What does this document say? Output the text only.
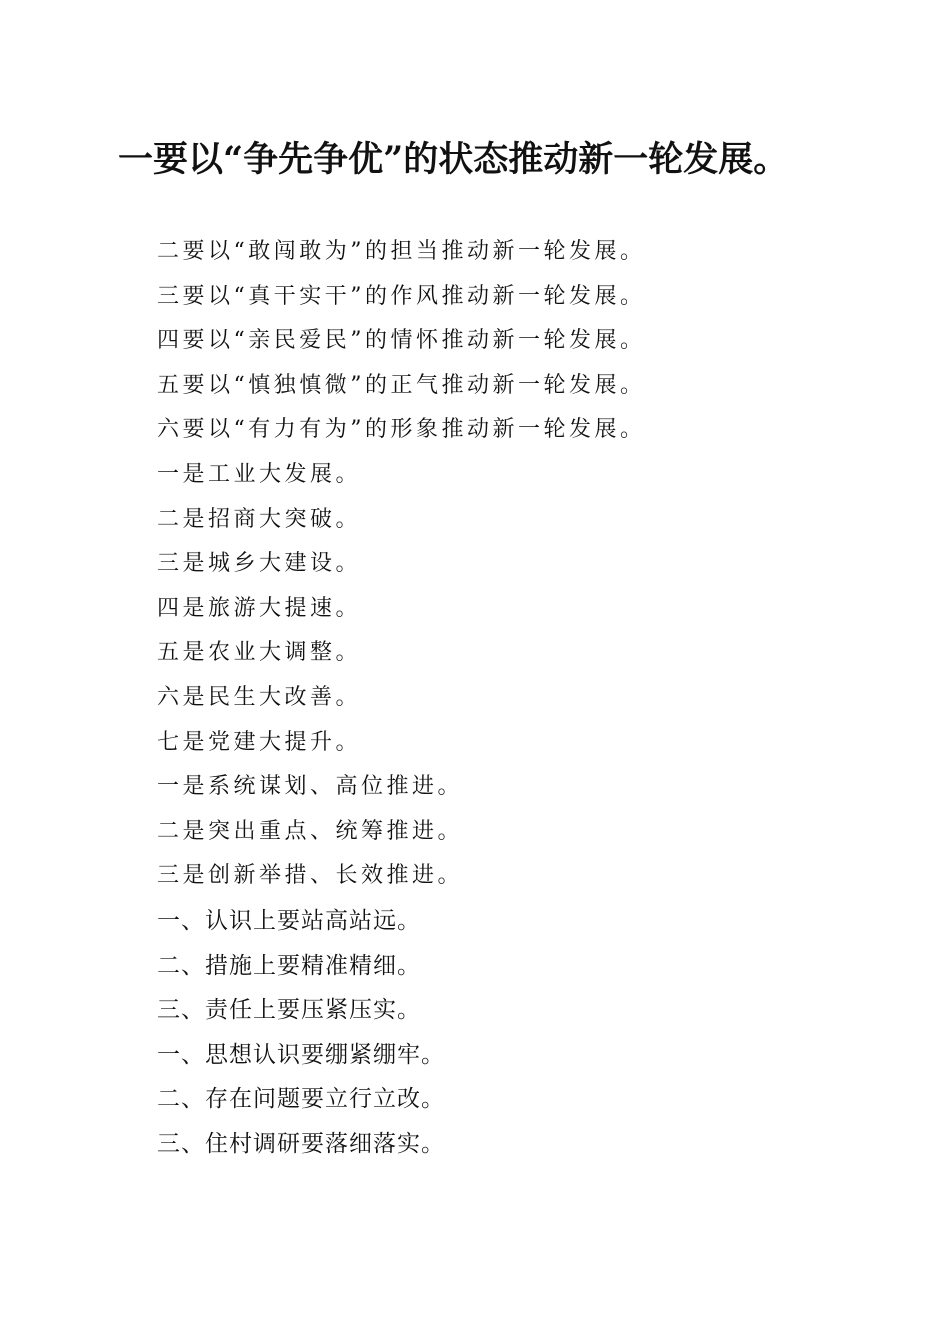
一要以“争先争优”的状态推动新一轮发展。
二要以“敢闯敢为”的担当推动新一轮发展。
三要以“真干实干”的作风推动新一轮发展。
四要以“亲民爱民”的情怀推动新一轮发展。
五要以“慎独慎微”的正气推动新一轮发展。
六要以“有力有为”的形象推动新一轮发展。
一是工业大发展。
二是招商大突破。
三是城乡大建设。
四是旅游大提速。
五是农业大调整。
六是民生大改善。
七是党建大提升。
一是系统谋划、高位推进。
二是突出重点、统筹推进。
三是创新举措、长效推进。
一、认识上要站高站远。
二、措施上要精准精细。
三、责任上要压紧压实。
一、思想认识要绷紧绷牢。
二、存在问题要立行立改。
三、住村调研要落细落实。
